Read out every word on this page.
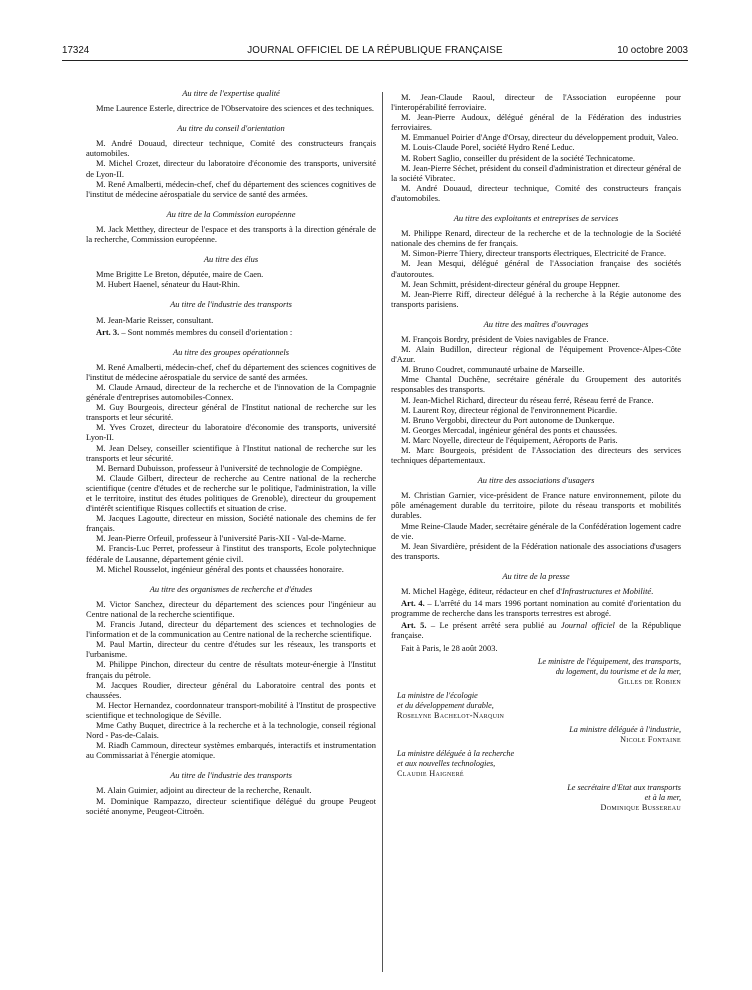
17324	JOURNAL OFFICIEL DE LA RÉPUBLIQUE FRANÇAISE	10 octobre 2003

Au titre de l'expertise qualité

Mme Laurence Esterle, directrice de l'Observatoire des sciences et des techniques.

Au titre du conseil d'orientation

M. André Douaud, directeur technique, Comité des constructeurs français automobiles.

M. Michel Crozet, directeur du laboratoire d'économie des transports, université de Lyon-II.

M. René Amalberti, médecin-chef, chef du département des sciences cognitives de l'institut de médecine aérospatiale du service de santé des armées.

Au titre de la Commission européenne

M. Jack Metthey, directeur de l'espace et des transports à la direction générale de la recherche, Commission européenne.

Au titre des élus

Mme Brigitte Le Breton, députée, maire de Caen.

M. Hubert Haenel, sénateur du Haut-Rhin.

Au titre de l'industrie des transports

M. Jean-Marie Reisser, consultant.

Art. 3. – Sont nommés membres du conseil d'orientation :

Au titre des groupes opérationnels

M. René Amalberti, médecin-chef, chef du département des sciences cognitives de l'institut de médecine aérospatiale du service de santé des armées.

M. Claude Arnaud, directeur de la recherche et de l'innovation de la Compagnie générale d'entreprises automobiles-Connex.

M. Guy Bourgeois, directeur général de l'Institut national de recherche sur les transports et leur sécurité.

M. Yves Crozet, directeur du laboratoire d'économie des transports, université Lyon-II.

M. Jean Delsey, conseiller scientifique à l'Institut national de recherche sur les transports et leur sécurité.

M. Bernard Dubuisson, professeur à l'université de technologie de Compiègne.

M. Claude Gilbert, directeur de recherche au Centre national de la recherche scientifique (centre d'études et de recherche sur le politique, l'administration, la ville et le territoire, institut des études politiques de Grenoble), directeur du groupement d'intérêt scientifique Risques collectifs et situation de crise.

M. Jacques Lagoutte, directeur en mission, Société nationale des chemins de fer français.

M. Jean-Pierre Orfeuil, professeur à l'université Paris-XII - Val-de-Marne.

M. Francis-Luc Perret, professeur à l'institut des transports, Ecole polytechnique fédérale de Lausanne, département génie civil.

M. Michel Rousselot, ingénieur général des ponts et chaussées honoraire.

Au titre des organismes de recherche et d'études

M. Victor Sanchez, directeur du département des sciences pour l'ingénieur au Centre national de la recherche scientifique.

M. Francis Jutand, directeur du département des sciences et technologies de l'information et de la communication au Centre national de la recherche scientifique.

M. Paul Martin, directeur du centre d'études sur les réseaux, les transports et l'urbanisme.

M. Philippe Pinchon, directeur du centre de résultats moteur-énergie à l'Institut français du pétrole.

M. Jacques Roudier, directeur général du Laboratoire central des ponts et chaussées.

M. Hector Hernandez, coordonnateur transport-mobilité à l'Institut de prospective scientifique et technologique de Séville.

Mme Cathy Buquet, directrice à la recherche et à la technologie, conseil régional Nord - Pas-de-Calais.

M. Riadh Cammoun, directeur systèmes embarqués, interactifs et instrumentation au Commissariat à l'énergie atomique.

Au titre de l'industrie des transports

M. Alain Guimier, adjoint au directeur de la recherche, Renault.

M. Dominique Rampazzo, directeur scientifique délégué du groupe Peugeot société anonyme, Peugeot-Citroën.

M. Jean-Claude Raoul, directeur de l'Association européenne pour l'interopérabilité ferroviaire.

M. Jean-Pierre Audoux, délégué général de la Fédération des industries ferroviaires.

M. Emmanuel Poirier d'Ange d'Orsay, directeur du développement produit, Valeo.

M. Louis-Claude Porel, société Hydro René Leduc.

M. Robert Saglio, conseiller du président de la société Technicatome.

M. Jean-Pierre Séchet, président du conseil d'administration et directeur général de la société Vibratec.

M. André Douaud, directeur technique, Comité des constructeurs français d'automobiles.

Au titre des exploitants et entreprises de services

M. Philippe Renard, directeur de la recherche et de la technologie de la Société nationale des chemins de fer français.

M. Simon-Pierre Thiery, directeur transports électriques, Electricité de France.

M. Jean Mesqui, délégué général de l'Association française des sociétés d'autoroutes.

M. Jean Schmitt, président-directeur général du groupe Heppner.

M. Jean-Pierre Riff, directeur délégué à la recherche à la Régie autonome des transports parisiens.

Au titre des maîtres d'ouvrages

M. François Bordry, président de Voies navigables de France.

M. Alain Budillon, directeur régional de l'équipement Provence-Alpes-Côte d'Azur.

M. Bruno Coudret, communauté urbaine de Marseille.

Mme Chantal Duchêne, secrétaire générale du Groupement des autorités responsables des transports.

M. Jean-Michel Richard, directeur du réseau ferré, Réseau ferré de France.

M. Laurent Roy, directeur régional de l'environnement Picardie.

M. Bruno Vergobbi, directeur du Port autonome de Dunkerque.

M. Georges Mercadal, ingénieur général des ponts et chaussées.

M. Marc Noyelle, directeur de l'équipement, Aéroports de Paris.

M. Marc Bourgeois, président de l'Association des directeurs des services techniques départementaux.

Au titre des associations d'usagers

M. Christian Garnier, vice-président de France nature environnement, pilote du pôle aménagement durable du territoire, pilote du réseau transports et mobilités durables.

Mme Reine-Claude Mader, secrétaire générale de la Confédération logement cadre de vie.

M. Jean Sivardière, président de la Fédération nationale des associations d'usagers des transports.

Au titre de la presse

M. Michel Hagège, éditeur, rédacteur en chef d'Infrastructures et Mobilité.

Art. 4. – L'arrêté du 14 mars 1996 portant nomination au comité d'orientation du programme de recherche dans les transports terrestres est abrogé.

Art. 5. – Le présent arrêté sera publié au Journal officiel de la République française.

Fait à Paris, le 28 août 2003.

Le ministre de l'équipement, des transports,
du logement, du tourisme et de la mer,
Gilles de Robien

La ministre de l'écologie
et du développement durable,
Roselyne Bachelot-Narquin

La ministre déléguée à l'industrie,
Nicole Fontaine

La ministre déléguée à la recherche
et aux nouvelles technologies,
Claudie Haigneré

Le secrétaire d'Etat aux transports
et à la mer,
Dominique Bussereau
